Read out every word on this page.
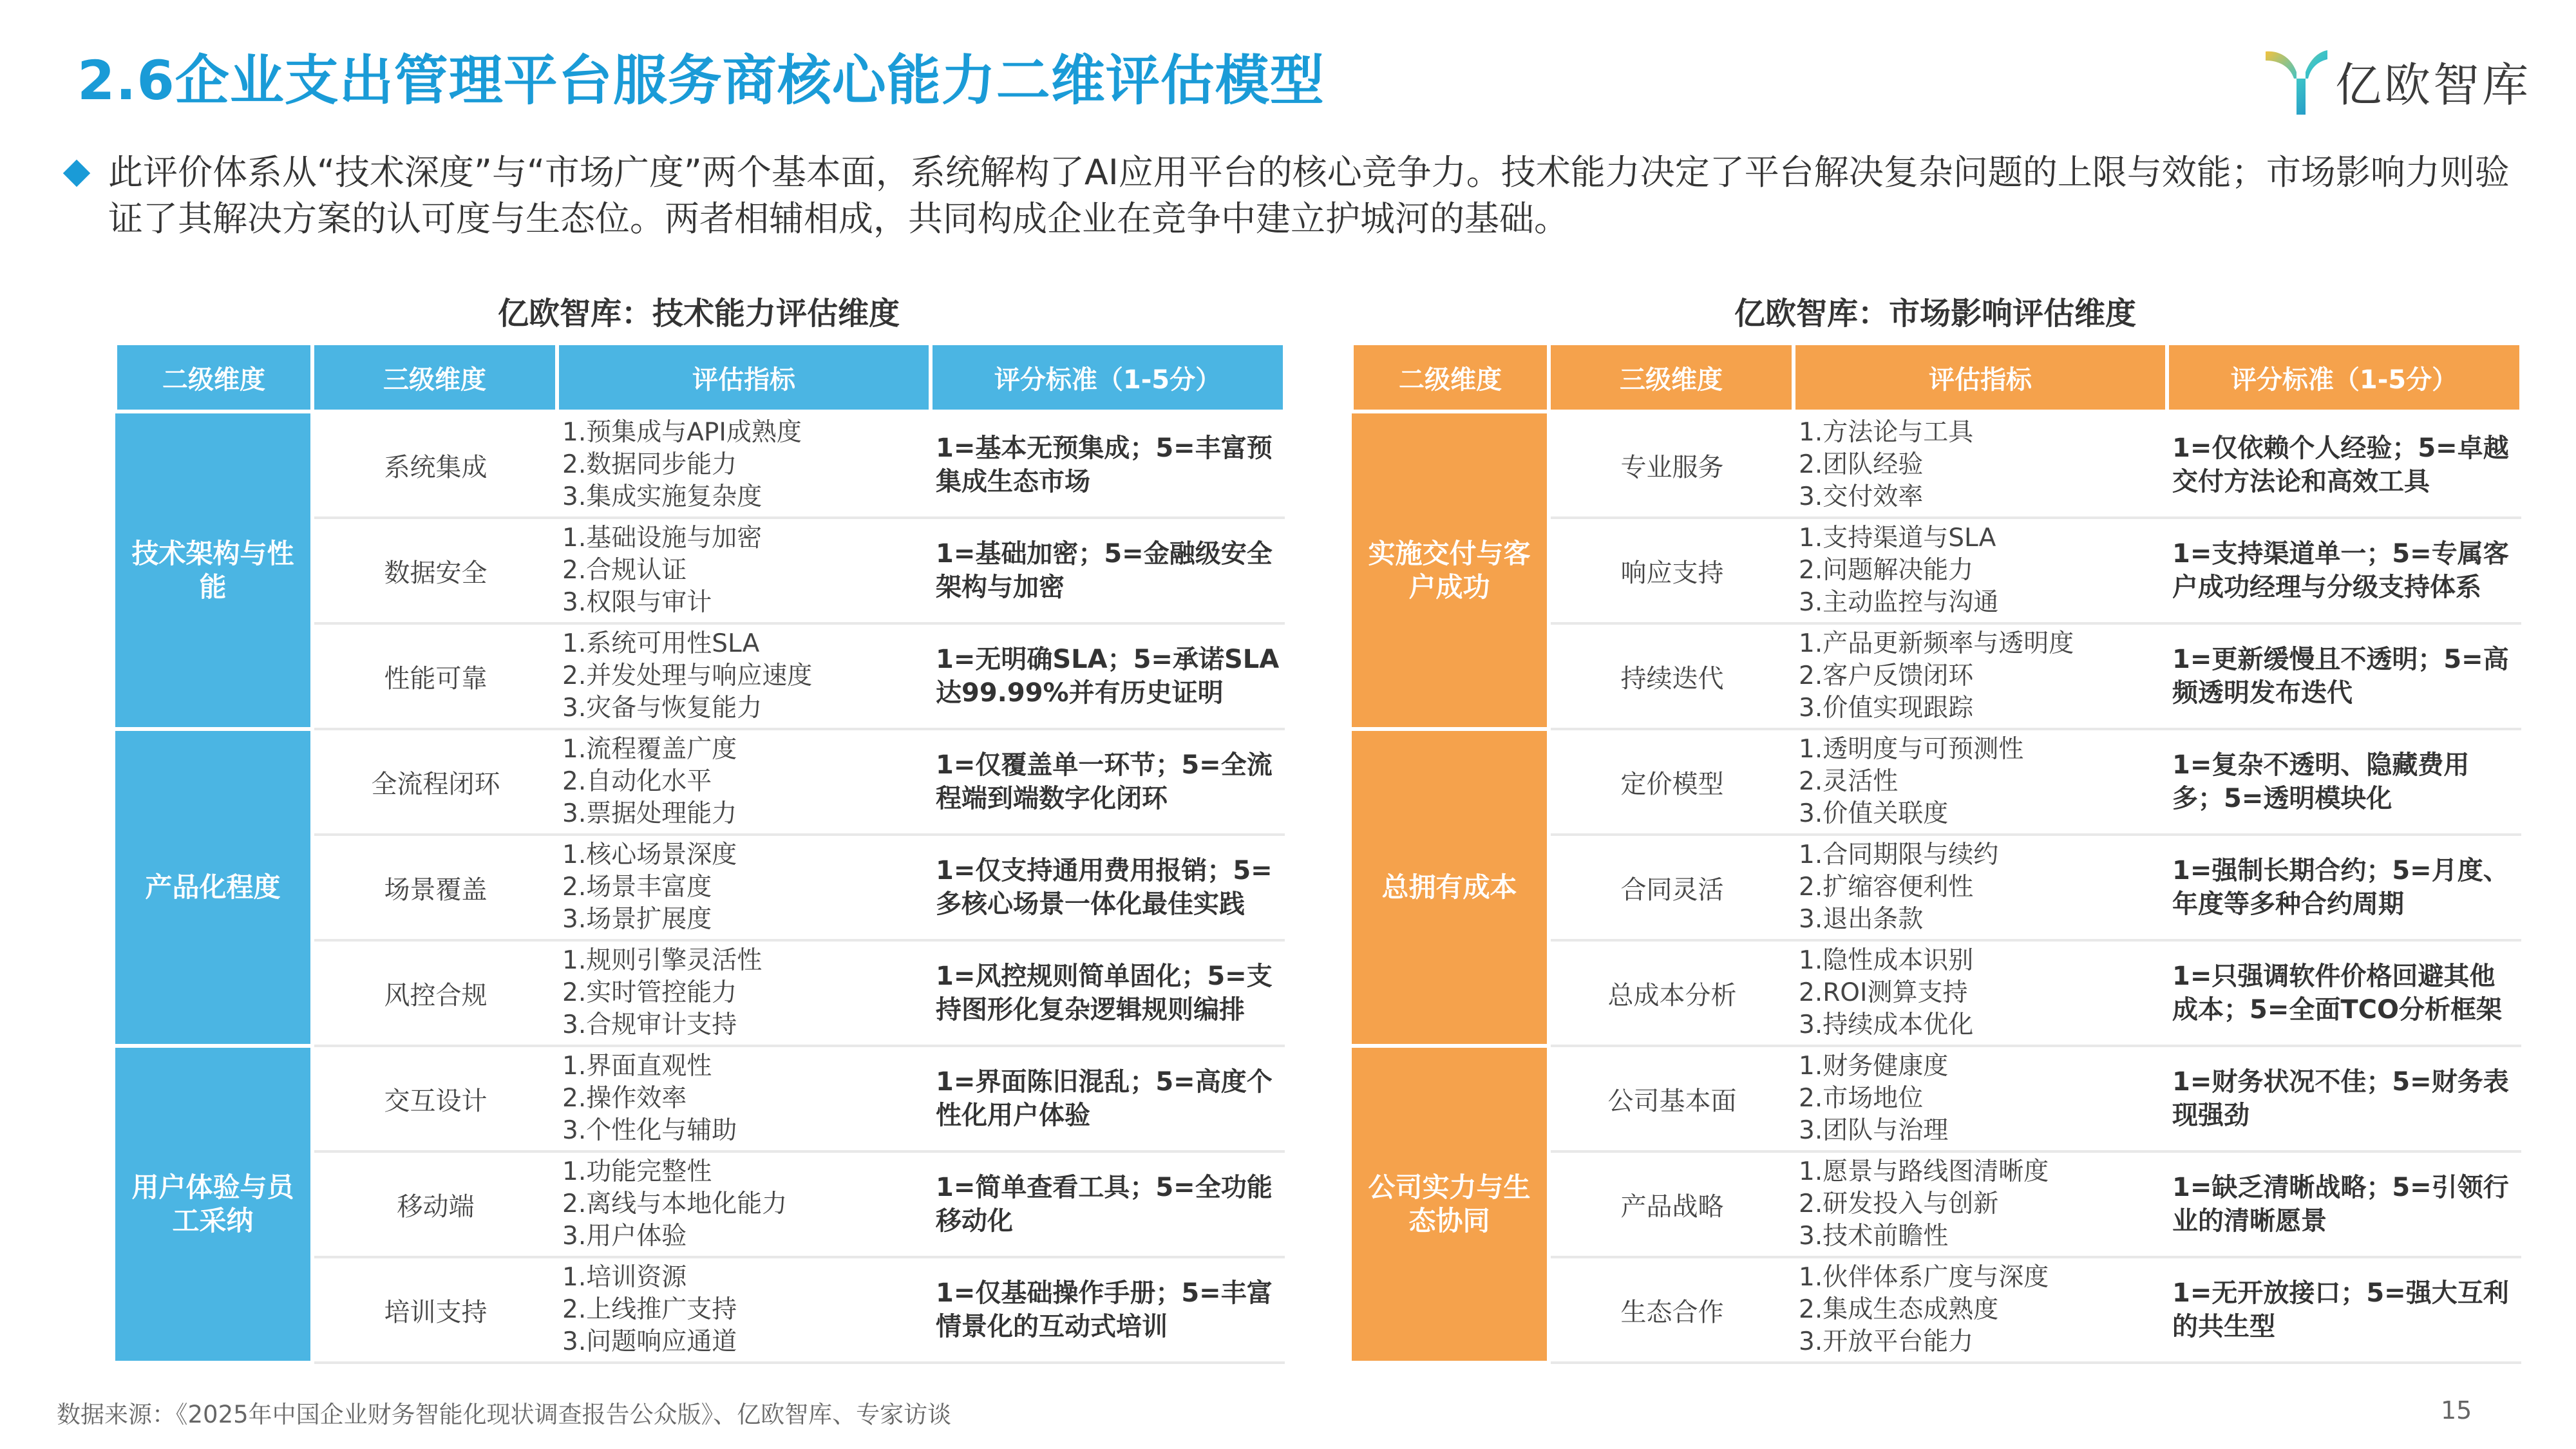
2.6企业支出管理平台服务商核心能力二维评估模型	亿欧智库

此评价体系从“技术深度”与“市场广度”两个基本面，系统解构了AI应用平台的核心竞争力。技术能力决定了平台解决复杂问题的上限与效能；市场影响力则验证了其解决方案的认可度与生态位。两者相辅相成，共同构成企业在竞争中建立护城河的基础。

亿欧智库：技术能力评估维度	亿欧智库：市场影响评估维度
二级维度	三级维度	评估指标	评分标准（1-5分）
技术架构与性能	系统集成	1.预集成与API成熟度
2.数据同步能力
3.集成实施复杂度	1=基本无预集成；5=丰富预集成生态市场
	数据安全	1.基础设施与加密
2.合规认证
3.权限与审计	1=基础加密；5=金融级安全架构与加密
	性能可靠	1.系统可用性SLA
2.并发处理与响应速度
3.灾备与恢复能力	1=无明确SLA；5=承诺SLA达99.99%并有历史证明
产品化程度	全流程闭环	1.流程覆盖广度
2.自动化水平
3.票据处理能力	1=仅覆盖单一环节；5=全流程端到端数字化闭环
	场景覆盖	1.核心场景深度
2.场景丰富度
3.场景扩展度	1=仅支持通用费用报销；5=多核心场景一体化最佳实践
	风控合规	1.规则引擎灵活性
2.实时管控能力
3.合规审计支持	1=风控规则简单固化；5=支持图形化复杂逻辑规则编排
用户体验与员工采纳	交互设计	1.界面直观性
2.操作效率
3.个性化与辅助	1=界面陈旧混乱；5=高度个性化用户体验
	移动端	1.功能完整性
2.离线与本地化能力
3.用户体验	1=简单查看工具；5=全功能移动化
	培训支持	1.培训资源
2.上线推广支持
3.问题响应通道	1=仅基础操作手册；5=丰富情景化的互动式培训
二级维度	三级维度	评估指标	评分标准（1-5分）
实施交付与客户成功	专业服务	1.方法论与工具
2.团队经验
3.交付效率	1=仅依赖个人经验；5=卓越交付方法论和高效工具
	响应支持	1.支持渠道与SLA
2.问题解决能力
3.主动监控与沟通	1=支持渠道单一；5=专属客户成功经理与分级支持体系
	持续迭代	1.产品更新频率与透明度
2.客户反馈闭环
3.价值实现跟踪	1=更新缓慢且不透明；5=高频透明发布迭代
总拥有成本	定价模型	1.透明度与可预测性
2.灵活性
3.价值关联度	1=复杂不透明、隐藏费用多；5=透明模块化
	合同灵活	1.合同期限与续约
2.扩缩容便利性
3.退出条款	1=强制长期合约；5=月度、年度等多种合约周期
	总成本分析	1.隐性成本识别
2.ROI测算支持
3.持续成本优化	1=只强调软件价格回避其他成本；5=全面TCO分析框架
公司实力与生态协同	公司基本面	1.财务健康度
2.市场地位
3.团队与治理	1=财务状况不佳；5=财务表现强劲
	产品战略	1.愿景与路线图清晰度
2.研发投入与创新
3.技术前瞻性	1=缺乏清晰战略；5=引领行业的清晰愿景
	生态合作	1.伙伴体系广度与深度
2.集成生态成熟度
3.开放平台能力	1=无开放接口；5=强大互利的共生型
数据来源：《2025年中国企业财务智能化现状调查报告公众版》、亿欧智库、专家访谈	15
